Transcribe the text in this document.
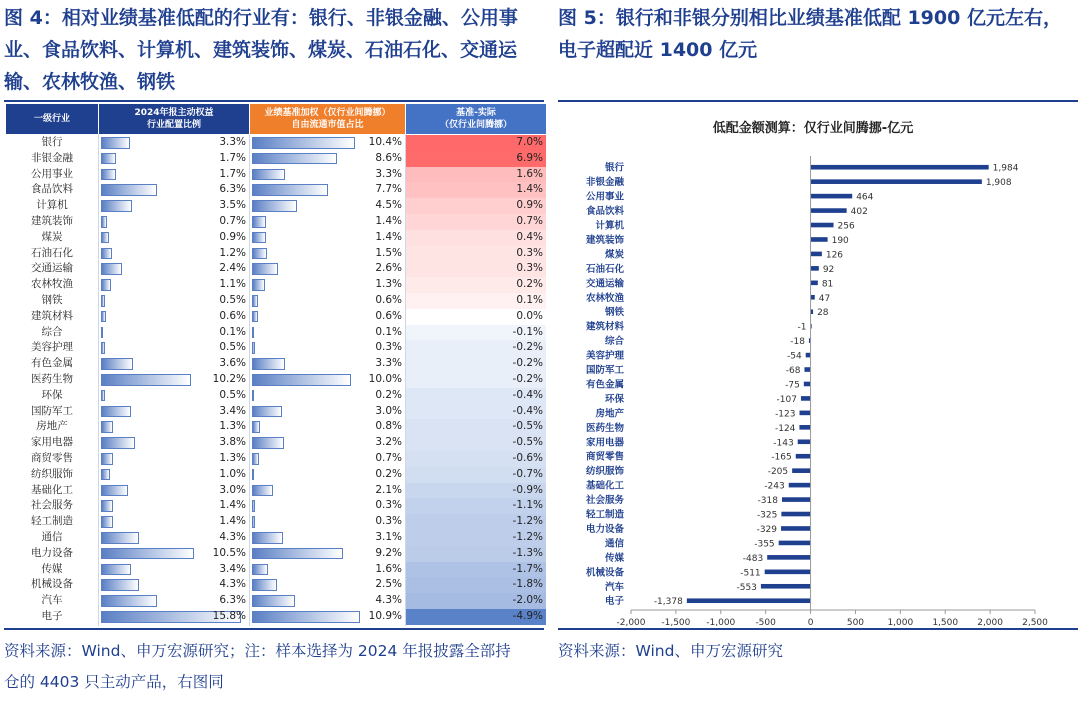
图 4：相对业绩基准低配的行业有：银行、非银金融、公用事业、食品饮料、计算机、建筑装饰、煤炭、石油石化、交通运输、农林牧渔、钢铁
图 5：银行和非银分别相比业绩基准低配 1900 亿元左右，电子超配近 1400 亿元
一级行业
2024年报主动权益
行业配置比例
业绩基准加权（仅行业间腾挪）
自由流通市值占比
基准-实际
（仅行业间腾挪）
银行	3.3%	10.4%	7.0%
非银金融	1.7%	8.6%	6.9%
公用事业	1.7%	3.3%	1.6%
食品饮料	6.3%	7.7%	1.4%
计算机	3.5%	4.5%	0.9%
建筑装饰	0.7%	1.4%	0.7%
煤炭	0.9%	1.4%	0.4%
石油石化	1.2%	1.5%	0.3%
交通运输	2.4%	2.6%	0.3%
农林牧渔	1.1%	1.3%	0.2%
钢铁	0.5%	0.6%	0.1%
建筑材料	0.6%	0.6%	0.0%
综合	0.1%	0.1%	-0.1%
美容护理	0.5%	0.3%	-0.2%
有色金属	3.6%	3.3%	-0.2%
医药生物	10.2%	10.0%	-0.2%
环保	0.5%	0.2%	-0.4%
国防军工	3.4%	3.0%	-0.4%
房地产	1.3%	0.8%	-0.5%
家用电器	3.8%	3.2%	-0.5%
商贸零售	1.3%	0.7%	-0.6%
纺织服饰	1.0%	0.2%	-0.7%
基础化工	3.0%	2.1%	-0.9%
社会服务	1.4%	0.3%	-1.1%
轻工制造	1.4%	0.3%	-1.2%
通信	4.3%	3.1%	-1.2%
电力设备	10.5%	9.2%	-1.3%
传媒	3.4%	1.6%	-1.7%
机械设备	4.3%	2.5%	-1.8%
汽车	6.3%	4.3%	-2.0%
电子	15.8%	10.9%	-4.9%
低配金额测算：仅行业间腾挪-亿元
银行	1,984
非银金融	1,908
公用事业	464
食品饮料	402
计算机	256
建筑装饰	190
煤炭	126
石油石化	92
交通运输	81
农林牧渔	47
钢铁	28
建筑材料	-1
综合	-18
美容护理	-54
国防军工	-68
有色金属	-75
环保	-107
房地产	-123
医药生物	-124
家用电器	-143
商贸零售	-165
纺织服饰	-205
基础化工	-243
社会服务	-318
轻工制造	-325
电力设备	-329
通信	-355
传媒	-483
机械设备	-511
汽车	-553
电子	-1,378
-2,000 -1,500 -1,000 -500	0	500	1,000 1,500 2,000 2,500
资料来源：Wind、申万宏源研究；注：样本选择为 2024 年报披露全部持仓的 4403 只主动产品，右图同
资料来源：Wind、申万宏源研究
